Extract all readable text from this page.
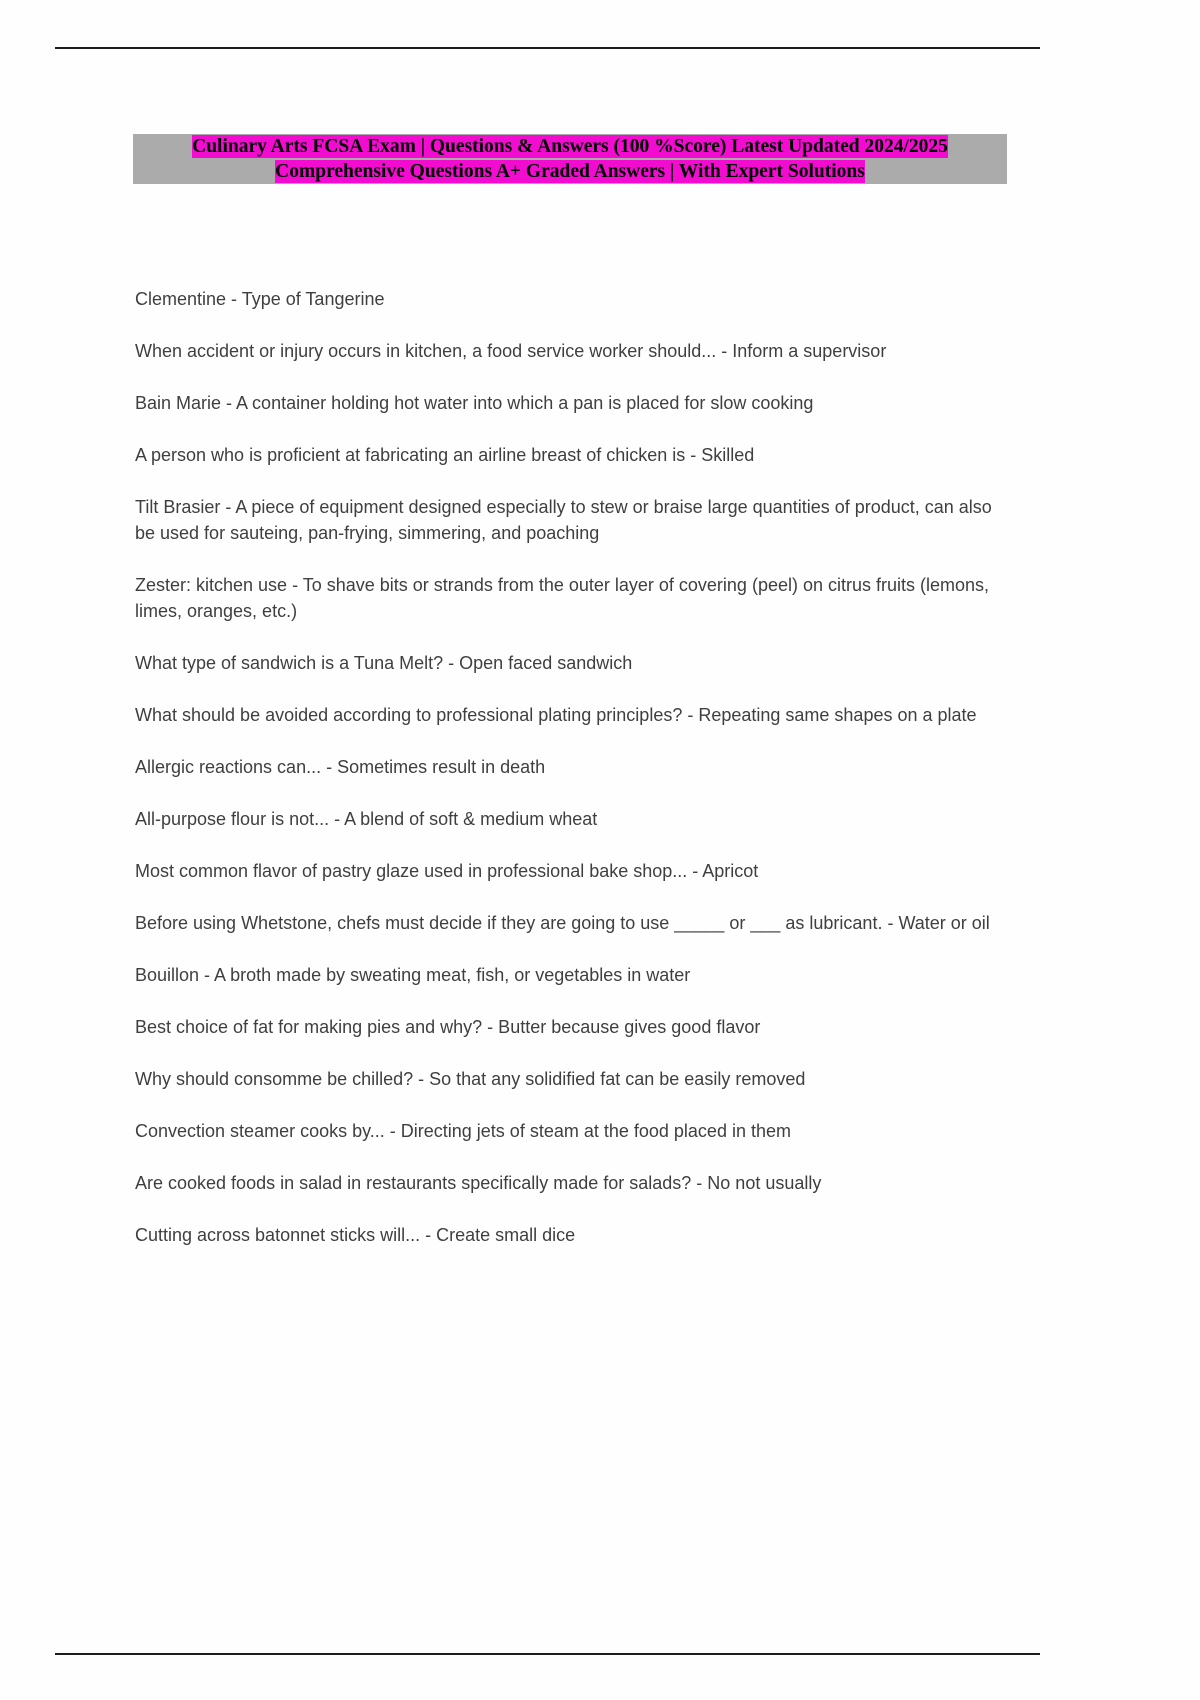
Culinary Arts FCSA Exam | Questions & Answers (100 %Score) Latest Updated 2024/2025
Comprehensive Questions A+ Graded Answers | With Expert Solutions

Clementine - Type of Tangerine

When accident or injury occurs in kitchen, a food service worker should... - Inform a supervisor

Bain Marie - A container holding hot water into which a pan is placed for slow cooking

A person who is proficient at fabricating an airline breast of chicken is - Skilled

Tilt Brasier - A piece of equipment designed especially to stew or braise large quantities of product, can also be used for sauteing, pan-frying, simmering, and poaching

Zester: kitchen use - To shave bits or strands from the outer layer of covering (peel) on citrus fruits (lemons, limes, oranges, etc.)

What type of sandwich is a Tuna Melt? - Open faced sandwich

What should be avoided according to professional plating principles? - Repeating same shapes on a plate

Allergic reactions can... - Sometimes result in death

All-purpose flour is not... - A blend of soft & medium wheat

Most common flavor of pastry glaze used in professional bake shop... - Apricot

Before using Whetstone, chefs must decide if they are going to use _____ or ___ as lubricant. - Water or oil

Bouillon - A broth made by sweating meat, fish, or vegetables in water

Best choice of fat for making pies and why? - Butter because gives good flavor

Why should consomme be chilled? - So that any solidified fat can be easily removed

Convection steamer cooks by... - Directing jets of steam at the food placed in them

Are cooked foods in salad in restaurants specifically made for salads? - No not usually

Cutting across batonnet sticks will... - Create small dice
